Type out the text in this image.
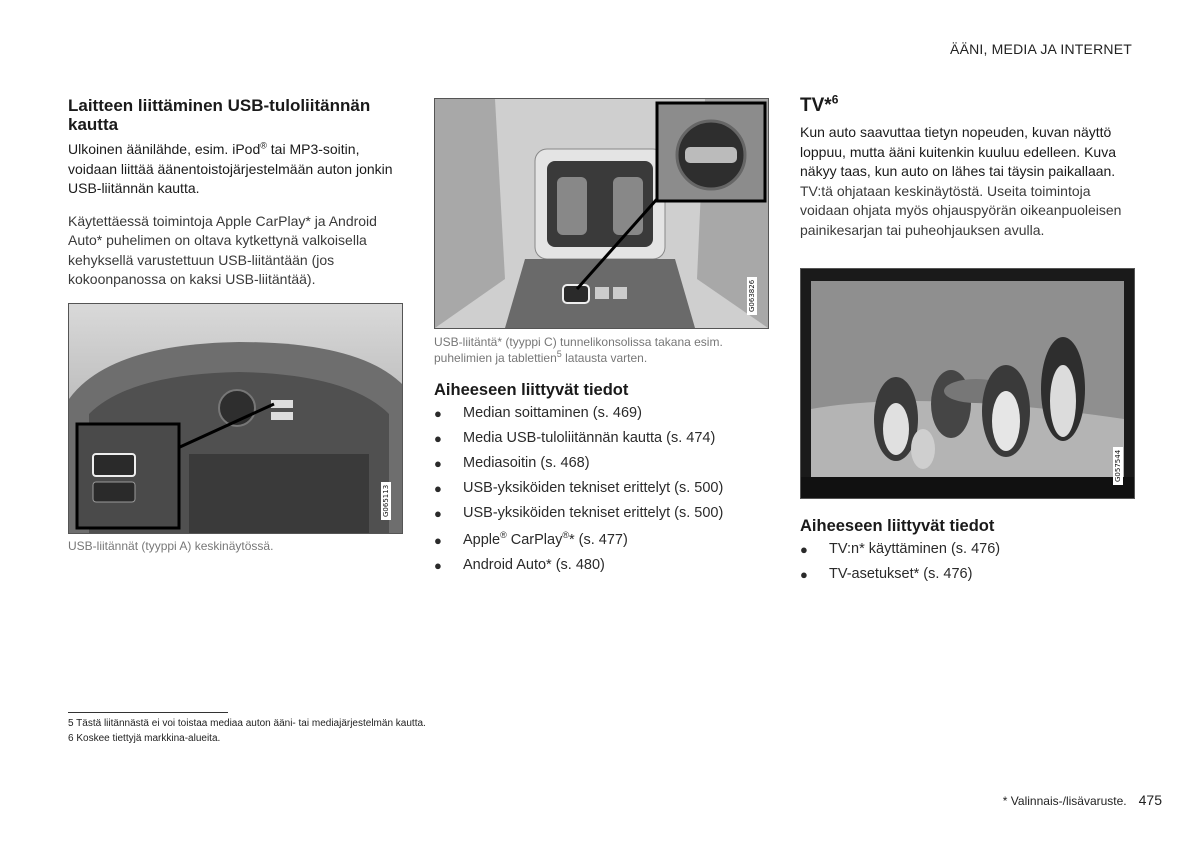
ÄÄNI, MEDIA JA INTERNET
Laitteen liittäminen USB-tuloliitännän kautta

Ulkoinen äänilähde, esim. iPod® tai MP3-soitin, voidaan liittää äänentoistojärjestelmään auton jonkin USB-liitännän kautta.

Käytettäessä toimintoja Apple CarPlay* ja Android Auto* puhelimen on oltava kytkettynä valkoisella kehyksellä varustettuun USB-liitäntään (jos kokoonpanossa on kaksi USB-liitäntää).

G065113

USB-liitännät (tyyppi A) keskinäytössä.

G063826

USB-liitäntä* (tyyppi C) tunnelikonsolissa takana esim. puhelimien ja tablettien$^5$ latausta varten.

Aiheeseen liittyvät tiedot
● Median soittaminen (s. 469)
● Media USB-tuloliitännän kautta (s. 474)
● Mediasoitin (s. 468)
● USB-yksiköiden tekniset erittelyt (s. 500)
● USB-yksiköiden tekniset erittelyt (s. 500)
● Apple® CarPlay®* (s. 477)
● Android Auto* (s. 480)
TV*$^6$

Kun auto saavuttaa tietyn nopeuden, kuvan näyttö loppuu, mutta ääni kuitenkin kuuluu edelleen. Kuva näkyy taas, kun auto on lähes tai täysin paikallaan.

TV:tä ohjataan keskinäytöstä. Useita toimintoja voidaan ohjata myös ohjauspyörän oikeanpuoleisen painikesarjan tai puheohjauksen avulla.

G057544
Aiheeseen liittyvät tiedot
● TV:n* käyttäminen (s. 476)
● TV-asetukset* (s. 476)
5 Tästä liitännästä ei voi toistaa mediaa auton ääni- tai mediajärjestelmän kautta.
6 Koskee tiettyjä markkina-alueita.
* Valinnais-/lisävaruste. 475
